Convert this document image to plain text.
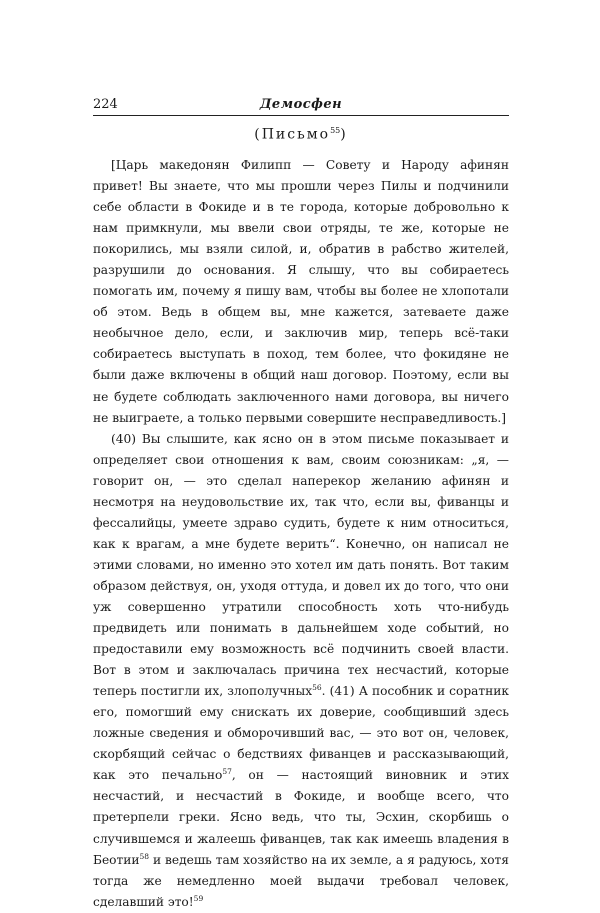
224	Демосфен
(Письмо$^{55}$)

[Царь македонян Филипп — Совету и Народу афинян привет! Вы знаете, что мы прошли через Пилы и подчинили себе области в Фокиде и в те города, которые добровольно к нам примкнули, мы ввели свои отряды, те же, которые не покорились, мы взяли силой, и, обратив в рабство жителей, разрушили до основания. Я слышу, что вы собираетесь помогать им, почему я пишу вам, чтобы вы более не хлопотали об этом. Ведь в общем вы, мне кажется, затеваете даже необычное дело, если, и заключив мир, теперь всё-таки собираетесь выступать в поход, тем более, что фокидяне не были даже включены в общий наш договор. Поэтому, если вы не будете соблюдать заключенного нами договора, вы ничего не выиграете, а только первыми совершите несправедливость.]

(40) Вы слышите, как ясно он в этом письме показывает и определяет свои отношения к вам, своим союзникам: „я, — говорит он, — это сделал наперекор желанию афинян и несмотря на неудовольствие их, так что, если вы, фиванцы и фессалийцы, умеете здраво судить, будете к ним относиться, как к врагам, а мне будете верить“. Конечно, он написал не этими словами, но именно это хотел им дать понять. Вот таким образом действуя, он, уходя оттуда, и довел их до того, что они уж совершенно утратили способность хоть что-нибудь предвидеть или понимать в дальнейшем ходе событий, но предоставили ему возможность всё подчинить своей власти. Вот в этом и заключалась причина тех несчастий, которые теперь постигли их, злополучных$^{56}$. (41) А пособник и соратник его, помогший ему снискать их доверие, сообщивший здесь ложные сведения и обморочивший вас, — это вот он, человек, скорбящий сейчас о бедствиях фиванцев и рассказывающий, как это печально$^{57}$, он — настоящий виновник и этих несчастий, и несчастий в Фокиде, и вообще всего, что претерпели греки. Ясно ведь, что ты, Эсхин, скорбишь о случившемся и жалеешь фиванцев, так как имеешь владения в Беотии$^{58}$ и ведешь там хозяйство на их земле, а я радуюсь, хотя тогда же немедленно моей выдачи требовал человек, сделавший это!$^{59}$
